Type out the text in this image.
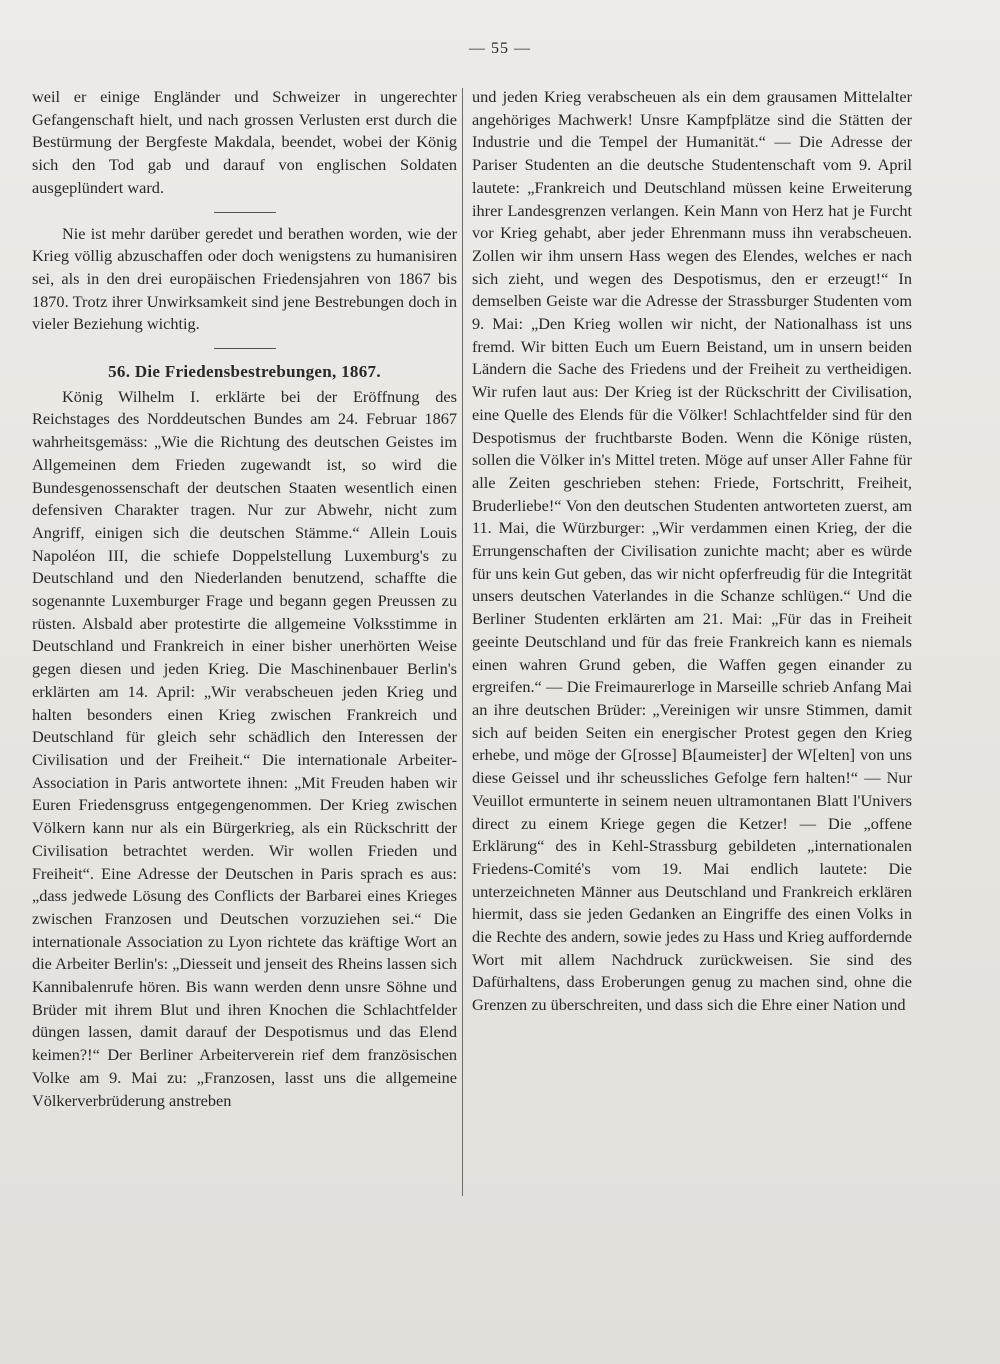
— 55 —

weil er einige Engländer und Schweizer in ungerechter Gefangenschaft hielt, und nach grossen Verlusten erst durch die Bestürmung der Bergfeste Makdala, beendet, wobei der König sich den Tod gab und darauf von englischen Soldaten ausgeplündert ward.

Nie ist mehr darüber geredet und berathen worden, wie der Krieg völlig abzuschaffen oder doch wenigstens zu humanisiren sei, als in den drei europäischen Friedensjahren von 1867 bis 1870. Trotz ihrer Unwirksamkeit sind jene Bestrebungen doch in vieler Beziehung wichtig.

56. Die Friedensbestrebungen, 1867.

König Wilhelm I. erklärte bei der Eröffnung des Reichstages des Norddeutschen Bundes am 24. Februar 1867 wahrheitsgemäss: „Wie die Richtung des deutschen Geistes im Allgemeinen dem Frieden zugewandt ist, so wird die Bundesgenossenschaft der deutschen Staaten wesentlich einen defensiven Charakter tragen. Nur zur Abwehr, nicht zum Angriff, einigen sich die deutschen Stämme.“ Allein Louis Napoléon III, die schiefe Doppelstellung Luxemburg's zu Deutschland und den Niederlanden benutzend, schaffte die sogenannte Luxemburger Frage und begann gegen Preussen zu rüsten. Alsbald aber protestirte die allgemeine Volksstimme in Deutschland und Frankreich in einer bisher unerhörten Weise gegen diesen und jeden Krieg. Die Maschinenbauer Berlin's erklärten am 14. April: „Wir verabscheuen jeden Krieg und halten besonders einen Krieg zwischen Frankreich und Deutschland für gleich sehr schädlich den Interessen der Civilisation und der Freiheit.“ Die internationale Arbeiter-Association in Paris antwortete ihnen: „Mit Freuden haben wir Euren Friedensgruss entgegengenommen. Der Krieg zwischen Völkern kann nur als ein Bürgerkrieg, als ein Rückschritt der Civilisation betrachtet werden. Wir wollen Frieden und Freiheit“. Eine Adresse der Deutschen in Paris sprach es aus: „dass jedwede Lösung des Conflicts der Barbarei eines Krieges zwischen Franzosen und Deutschen vorzuziehen sei.“ Die internationale Association zu Lyon richtete das kräftige Wort an die Arbeiter Berlin's: „Diesseit und jenseit des Rheins lassen sich Kannibalenrufe hören. Bis wann werden denn unsre Söhne und Brüder mit ihrem Blut und ihren Knochen die Schlachtfelder düngen lassen, damit darauf der Despotismus und das Elend keimen?!“ Der Berliner Arbeiterverein rief dem französischen Volke am 9. Mai zu: „Franzosen, lasst uns die allgemeine Völkerverbrüderung anstreben

und jeden Krieg verabscheuen als ein dem grausamen Mittelalter angehöriges Machwerk! Unsre Kampfplätze sind die Stätten der Industrie und die Tempel der Humanität.“ — Die Adresse der Pariser Studenten an die deutsche Studentenschaft vom 9. April lautete: „Frankreich und Deutschland müssen keine Erweiterung ihrer Landesgrenzen verlangen. Kein Mann von Herz hat je Furcht vor Krieg gehabt, aber jeder Ehrenmann muss ihn verabscheuen. Zollen wir ihm unsern Hass wegen des Elendes, welches er nach sich zieht, und wegen des Despotismus, den er erzeugt!“ In demselben Geiste war die Adresse der Strassburger Studenten vom 9. Mai: „Den Krieg wollen wir nicht, der Nationalhass ist uns fremd. Wir bitten Euch um Euern Beistand, um in unsern beiden Ländern die Sache des Friedens und der Freiheit zu vertheidigen. Wir rufen laut aus: Der Krieg ist der Rückschritt der Civilisation, eine Quelle des Elends für die Völker! Schlachtfelder sind für den Despotismus der fruchtbarste Boden. Wenn die Könige rüsten, sollen die Völker in's Mittel treten. Möge auf unser Aller Fahne für alle Zeiten geschrieben stehen: Friede, Fortschritt, Freiheit, Bruderliebe!“ Von den deutschen Studenten antworteten zuerst, am 11. Mai, die Würzburger: „Wir verdammen einen Krieg, der die Errungenschaften der Civilisation zunichte macht; aber es würde für uns kein Gut geben, das wir nicht opferfreudig für die Integrität unsers deutschen Vaterlandes in die Schanze schlügen.“ Und die Berliner Studenten erklärten am 21. Mai: „Für das in Freiheit geeinte Deutschland und für das freie Frankreich kann es niemals einen wahren Grund geben, die Waffen gegen einander zu ergreifen.“ — Die Freimaurerloge in Marseille schrieb Anfang Mai an ihre deutschen Brüder: „Vereinigen wir unsre Stimmen, damit sich auf beiden Seiten ein energischer Protest gegen den Krieg erhebe, und möge der G[rosse] B[aumeister] der W[elten] von uns diese Geissel und ihr scheussliches Gefolge fern halten!“ — Nur Veuillot ermunterte in seinem neuen ultramontanen Blatt l'Univers direct zu einem Kriege gegen die Ketzer! — Die „offene Erklärung“ des in Kehl-Strassburg gebildeten „internationalen Friedens-Comité's vom 19. Mai endlich lautete: Die unterzeichneten Männer aus Deutschland und Frankreich erklären hiermit, dass sie jeden Gedanken an Eingriffe des einen Volks in die Rechte des andern, sowie jedes zu Hass und Krieg auffordernde Wort mit allem Nachdruck zurückweisen. Sie sind des Dafürhaltens, dass Eroberungen genug zu machen sind, ohne die Grenzen zu überschreiten, und dass sich die Ehre einer Nation und
